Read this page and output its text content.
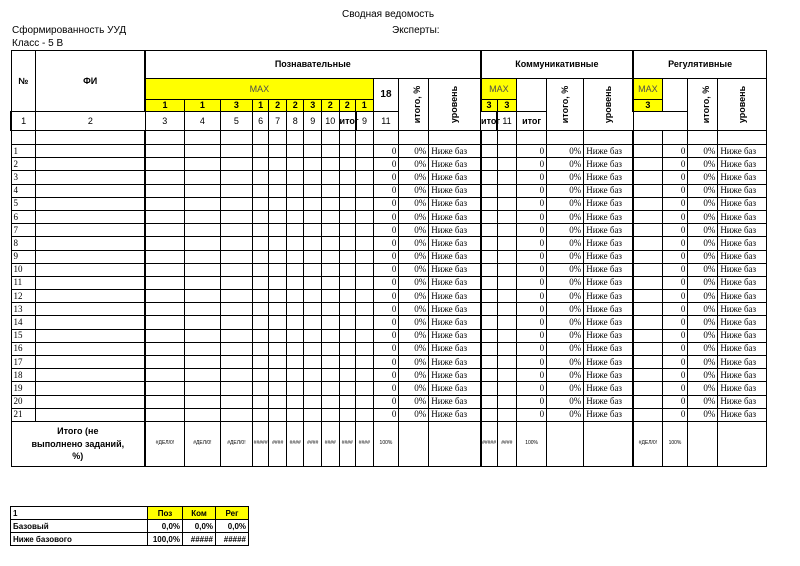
Сводная ведомость
Сформированность УУД	Эксперты:
Класс - 5 В
№	ФИ	Познавательные													Коммуникативные					Регулятивные			
		MAX										18	итого, %	уровень	MAX			итого, %	уровень	MAX		итого, %	уровень
		1	1	3	1	2	2	3	2	2	1				3	3				3			
1	2	3	4	5	6	7	8	9	10	итог	9	11			итог	11	итог						

1												0	0%	Ниже баз			0	0%	Ниже баз		0	0%	Ниже баз
2												0	0%	Ниже баз			0	0%	Ниже баз		0	0%	Ниже баз
3												0	0%	Ниже баз			0	0%	Ниже баз		0	0%	Ниже баз
4												0	0%	Ниже баз			0	0%	Ниже баз		0	0%	Ниже баз
5												0	0%	Ниже баз			0	0%	Ниже баз		0	0%	Ниже баз
6												0	0%	Ниже баз			0	0%	Ниже баз		0	0%	Ниже баз
7												0	0%	Ниже баз			0	0%	Ниже баз		0	0%	Ниже баз
8												0	0%	Ниже баз			0	0%	Ниже баз		0	0%	Ниже баз
9												0	0%	Ниже баз			0	0%	Ниже баз		0	0%	Ниже баз
10												0	0%	Ниже баз			0	0%	Ниже баз		0	0%	Ниже баз
11												0	0%	Ниже баз			0	0%	Ниже баз		0	0%	Ниже баз
12												0	0%	Ниже баз			0	0%	Ниже баз		0	0%	Ниже баз
13												0	0%	Ниже баз			0	0%	Ниже баз		0	0%	Ниже баз
14												0	0%	Ниже баз			0	0%	Ниже баз		0	0%	Ниже баз
15												0	0%	Ниже баз			0	0%	Ниже баз		0	0%	Ниже баз
16												0	0%	Ниже баз			0	0%	Ниже баз		0	0%	Ниже баз
17												0	0%	Ниже баз			0	0%	Ниже баз		0	0%	Ниже баз
18												0	0%	Ниже баз			0	0%	Ниже баз		0	0%	Ниже баз
19												0	0%	Ниже баз			0	0%	Ниже баз		0	0%	Ниже баз
20												0	0%	Ниже баз			0	0%	Ниже баз		0	0%	Ниже баз
21												0	0%	Ниже баз			0	0%	Ниже баз		0	0%	Ниже баз
Итого (не выполнено заданий, %)		#ДЕЛ/0!	#ДЕЛ/0!	#ДЕЛ/0!	#####	####	####	####	####	####	####	100%			#####	####	100%			#ДЕЛ/0!	100%		
1	Поз	Ком	Рег
Базовый	0,0%	0,0%	0,0%
Ниже базового	100,0%	#####	#####
